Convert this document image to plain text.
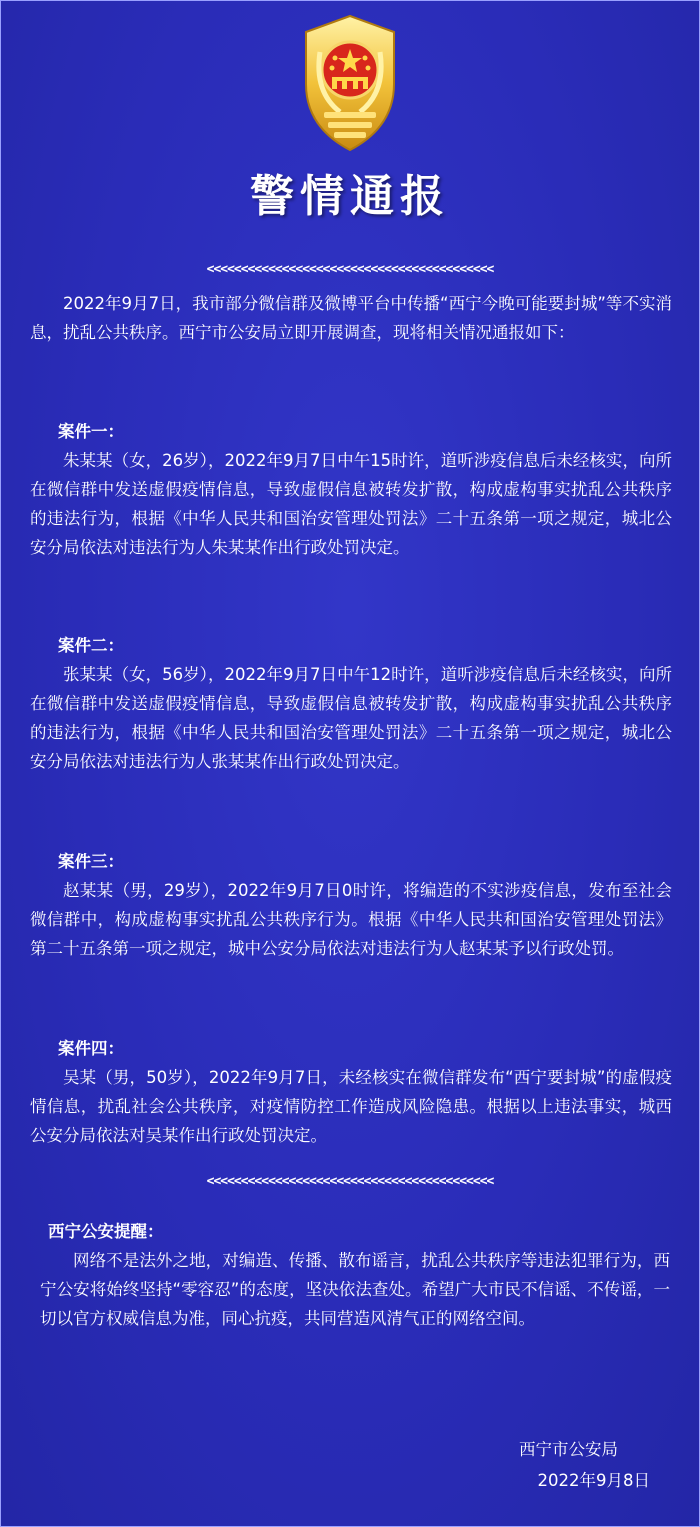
警情通报
<<<<<<<<<<<<<<<<<<<<<<<<<<<<<<<<<<<<<<<<<<

2022年9月7日，我市部分微信群及微博平台中传播“西宁今晚可能要封城”等不实消息，扰乱公共秩序。西宁市公安局立即开展调查，现将相关情况通报如下：

案件一：

朱某某（女，26岁），2022年9月7日中午15时许，道听涉疫信息后未经核实，向所在微信群中发送虚假疫情信息，导致虚假信息被转发扩散，构成虚构事实扰乱公共秩序的违法行为，根据《中华人民共和国治安管理处罚法》二十五条第一项之规定，城北公安分局依法对违法行为人朱某某作出行政处罚决定。

案件二：

张某某（女，56岁），2022年9月7日中午12时许，道听涉疫信息后未经核实，向所在微信群中发送虚假疫情信息，导致虚假信息被转发扩散，构成虚构事实扰乱公共秩序的违法行为，根据《中华人民共和国治安管理处罚法》二十五条第一项之规定，城北公安分局依法对违法行为人张某某作出行政处罚决定。

案件三：

赵某某（男，29岁），2022年9月7日0时许，将编造的不实涉疫信息，发布至社会微信群中，构成虚构事实扰乱公共秩序行为。根据《中华人民共和国治安管理处罚法》第二十五条第一项之规定，城中公安分局依法对违法行为人赵某某予以行政处罚。

案件四：

吴某（男，50岁），2022年9月7日，未经核实在微信群发布“西宁要封城”的虚假疫情信息，扰乱社会公共秩序，对疫情防控工作造成风险隐患。根据以上违法事实，城西公安分局依法对吴某作出行政处罚决定。

<<<<<<<<<<<<<<<<<<<<<<<<<<<<<<<<<<<<<<<<<<
西宁公安提醒：

网络不是法外之地，对编造、传播、散布谣言，扰乱公共秩序等违法犯罪行为，西宁公安将始终坚持“零容忍”的态度，坚决依法查处。希望广大市民不信谣、不传谣，一切以官方权威信息为准，同心抗疫，共同营造风清气正的网络空间。

西宁市公安局
2022年9月8日
